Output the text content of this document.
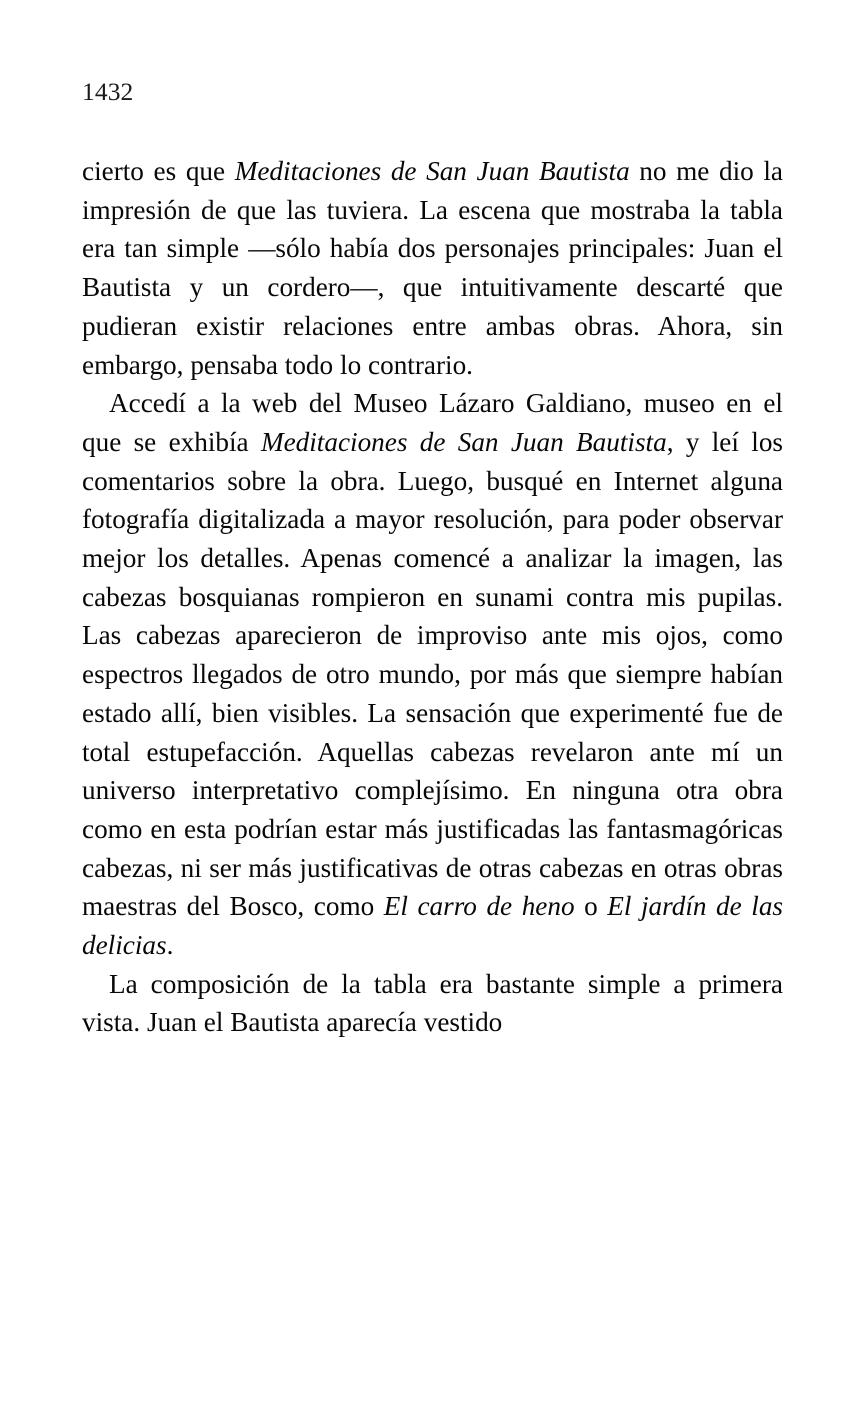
1432

cierto es que Meditaciones de San Juan Bautista no me dio la impresión de que las tuviera. La escena que mostraba la tabla era tan simple —sólo había dos personajes principales: Juan el Bautista y un cordero—, que intuitivamente descarté que pudieran existir relaciones entre ambas obras. Ahora, sin embargo, pensaba todo lo contrario.

Accedí a la web del Museo Lázaro Galdiano, museo en el que se exhibía Meditaciones de San Juan Bautista, y leí los comentarios sobre la obra. Luego, busqué en Internet alguna fotografía digitalizada a mayor resolución, para poder observar mejor los detalles. Apenas comencé a analizar la imagen, las cabezas bosquianas rompieron en sunami contra mis pupilas. Las cabezas aparecieron de improviso ante mis ojos, como espectros llegados de otro mundo, por más que siempre habían estado allí, bien visibles. La sensación que experimenté fue de total estupefacción. Aquellas cabezas revelaron ante mí un universo interpretativo complejísimo. En ninguna otra obra como en esta podrían estar más justificadas las fantasmagóricas cabezas, ni ser más justificativas de otras cabezas en otras obras maestras del Bosco, como El carro de heno o El jardín de las delicias.

La composición de la tabla era bastante simple a primera vista. Juan el Bautista aparecía vestido
